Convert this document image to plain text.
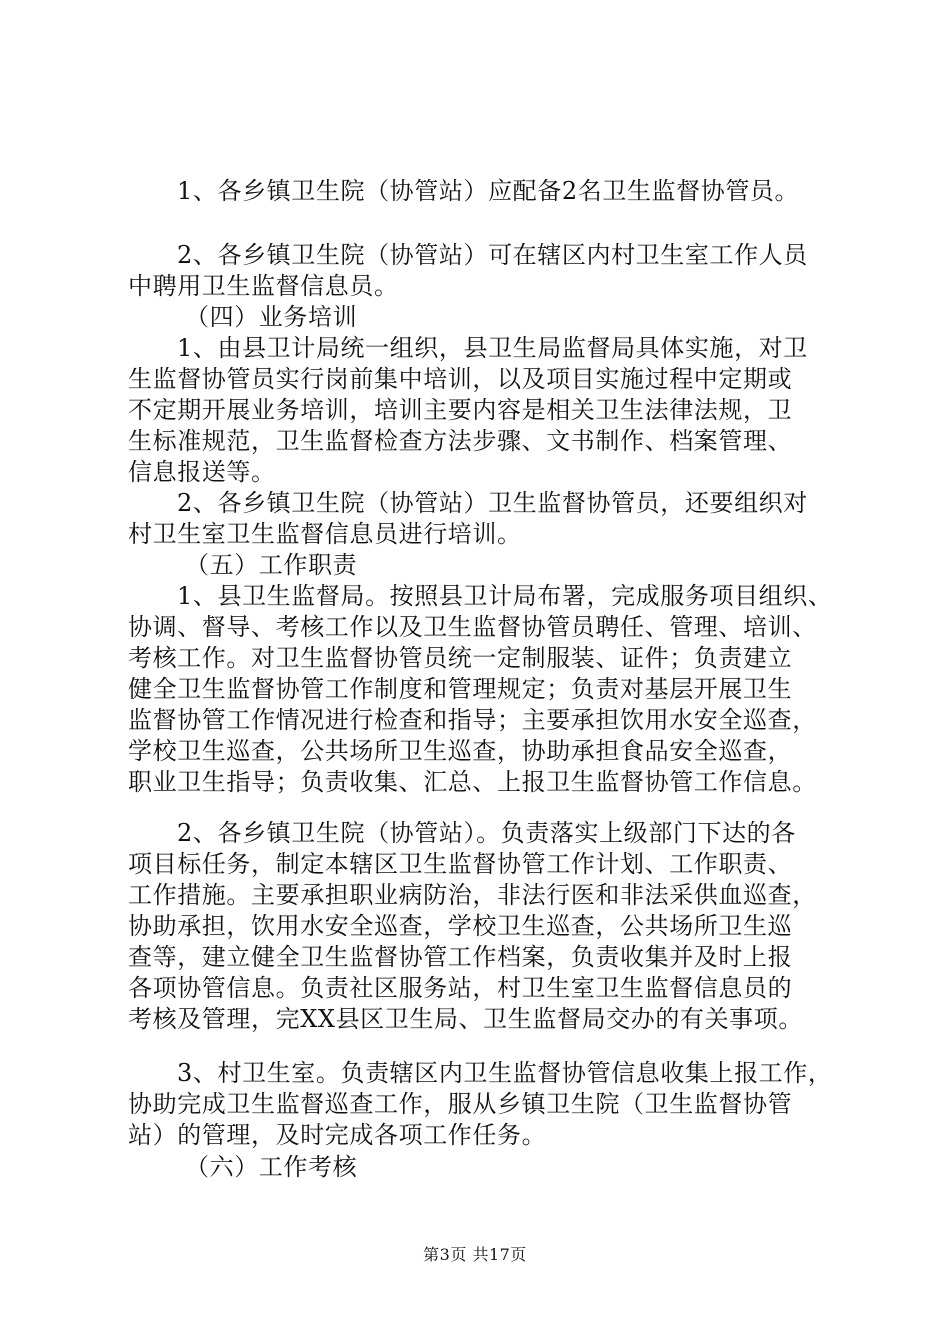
1、各乡镇卫生院（协管站）应配备2名卫生监督协管员。
2、各乡镇卫生院（协管站）可在辖区内村卫生室工作人员
中聘用卫生监督信息员。
（四）业务培训
1、由县卫计局统一组织，县卫生局监督局具体实施，对卫
生监督协管员实行岗前集中培训，以及项目实施过程中定期或
不定期开展业务培训，培训主要内容是相关卫生法律法规，卫
生标准规范，卫生监督检查方法步骤、文书制作、档案管理、
信息报送等。
2、各乡镇卫生院（协管站）卫生监督协管员，还要组织对
村卫生室卫生监督信息员进行培训。
（五）工作职责
1、县卫生监督局。按照县卫计局布署，完成服务项目组织、
协调、督导、考核工作以及卫生监督协管员聘任、管理、培训、
考核工作。对卫生监督协管员统一定制服装、证件；负责建立
健全卫生监督协管工作制度和管理规定；负责对基层开展卫生
监督协管工作情况进行检查和指导；主要承担饮用水安全巡查，
学校卫生巡查，公共场所卫生巡查，协助承担食品安全巡查，
职业卫生指导；负责收集、汇总、上报卫生监督协管工作信息。
2、各乡镇卫生院（协管站）。负责落实上级部门下达的各
项目标任务，制定本辖区卫生监督协管工作计划、工作职责、
工作措施。主要承担职业病防治，非法行医和非法采供血巡查，
协助承担，饮用水安全巡查，学校卫生巡查，公共场所卫生巡
查等，建立健全卫生监督协管工作档案，负责收集并及时上报
各项协管信息。负责社区服务站，村卫生室卫生监督信息员的
考核及管理，完XX县区卫生局、卫生监督局交办的有关事项。
3、村卫生室。负责辖区内卫生监督协管信息收集上报工作，
协助完成卫生监督巡查工作，服从乡镇卫生院（卫生监督协管
站）的管理，及时完成各项工作任务。
（六）工作考核
第3页 共17页
